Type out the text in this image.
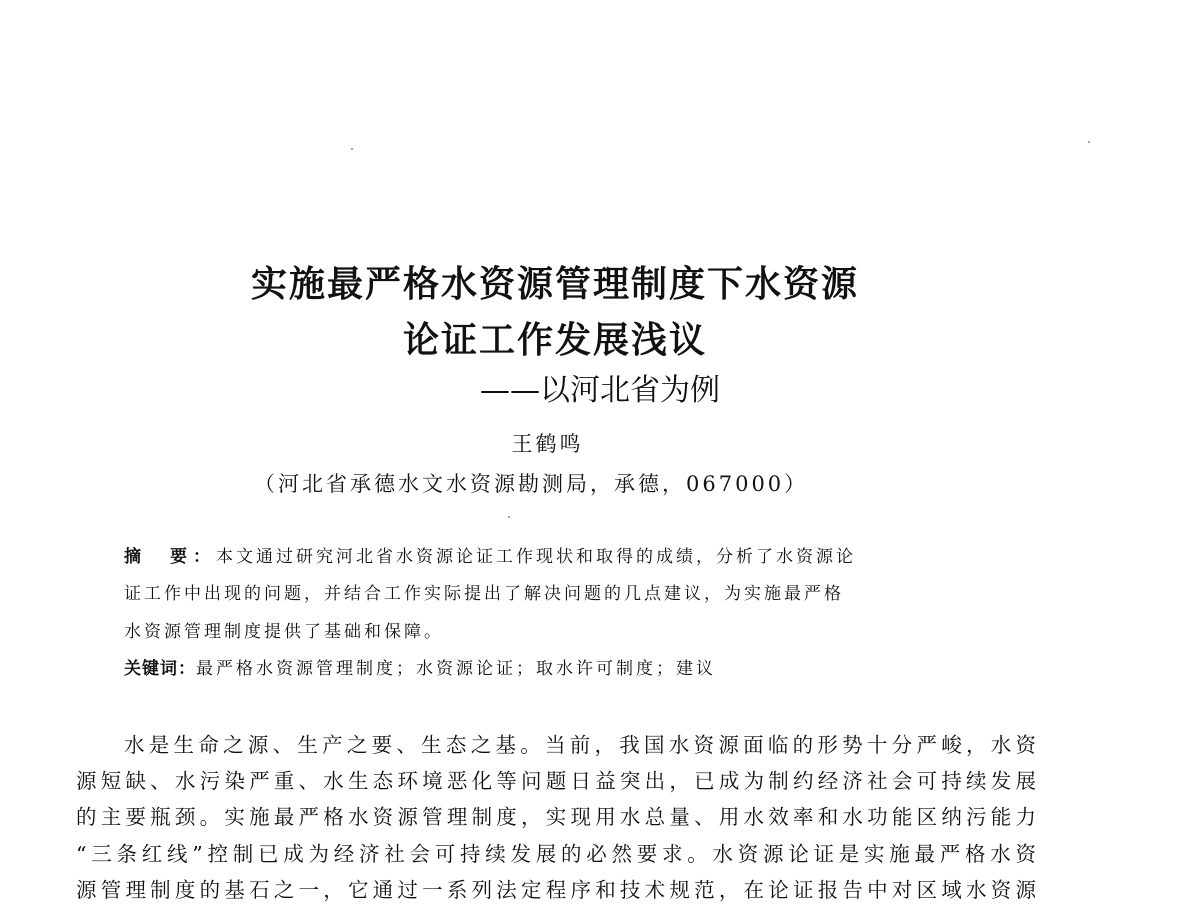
实施最严格水资源管理制度下水资源
论证工作发展浅议
——以河北省为例
王鹤鸣
（河北省承德水文水资源勘测局，承德，067000）
摘　要：本文通过研究河北省水资源论证工作现状和取得的成绩，分析了水资源论
证工作中出现的问题，并结合工作实际提出了解决问题的几点建议，为实施最严格
水资源管理制度提供了基础和保障。
关键词：最严格水资源管理制度；水资源论证；取水许可制度；建议
水是生命之源、生产之要、生态之基。当前，我国水资源面临的形势十分严峻，水资
源短缺、水污染严重、水生态环境恶化等问题日益突出，已成为制约经济社会可持续发展
的主要瓶颈。实施最严格水资源管理制度，实现用水总量、用水效率和水功能区纳污能力
“三条红线”控制已成为经济社会可持续发展的必然要求。水资源论证是实施最严格水资
源管理制度的基石之一，它通过一系列法定程序和技术规范，在论证报告中对区域水资源
